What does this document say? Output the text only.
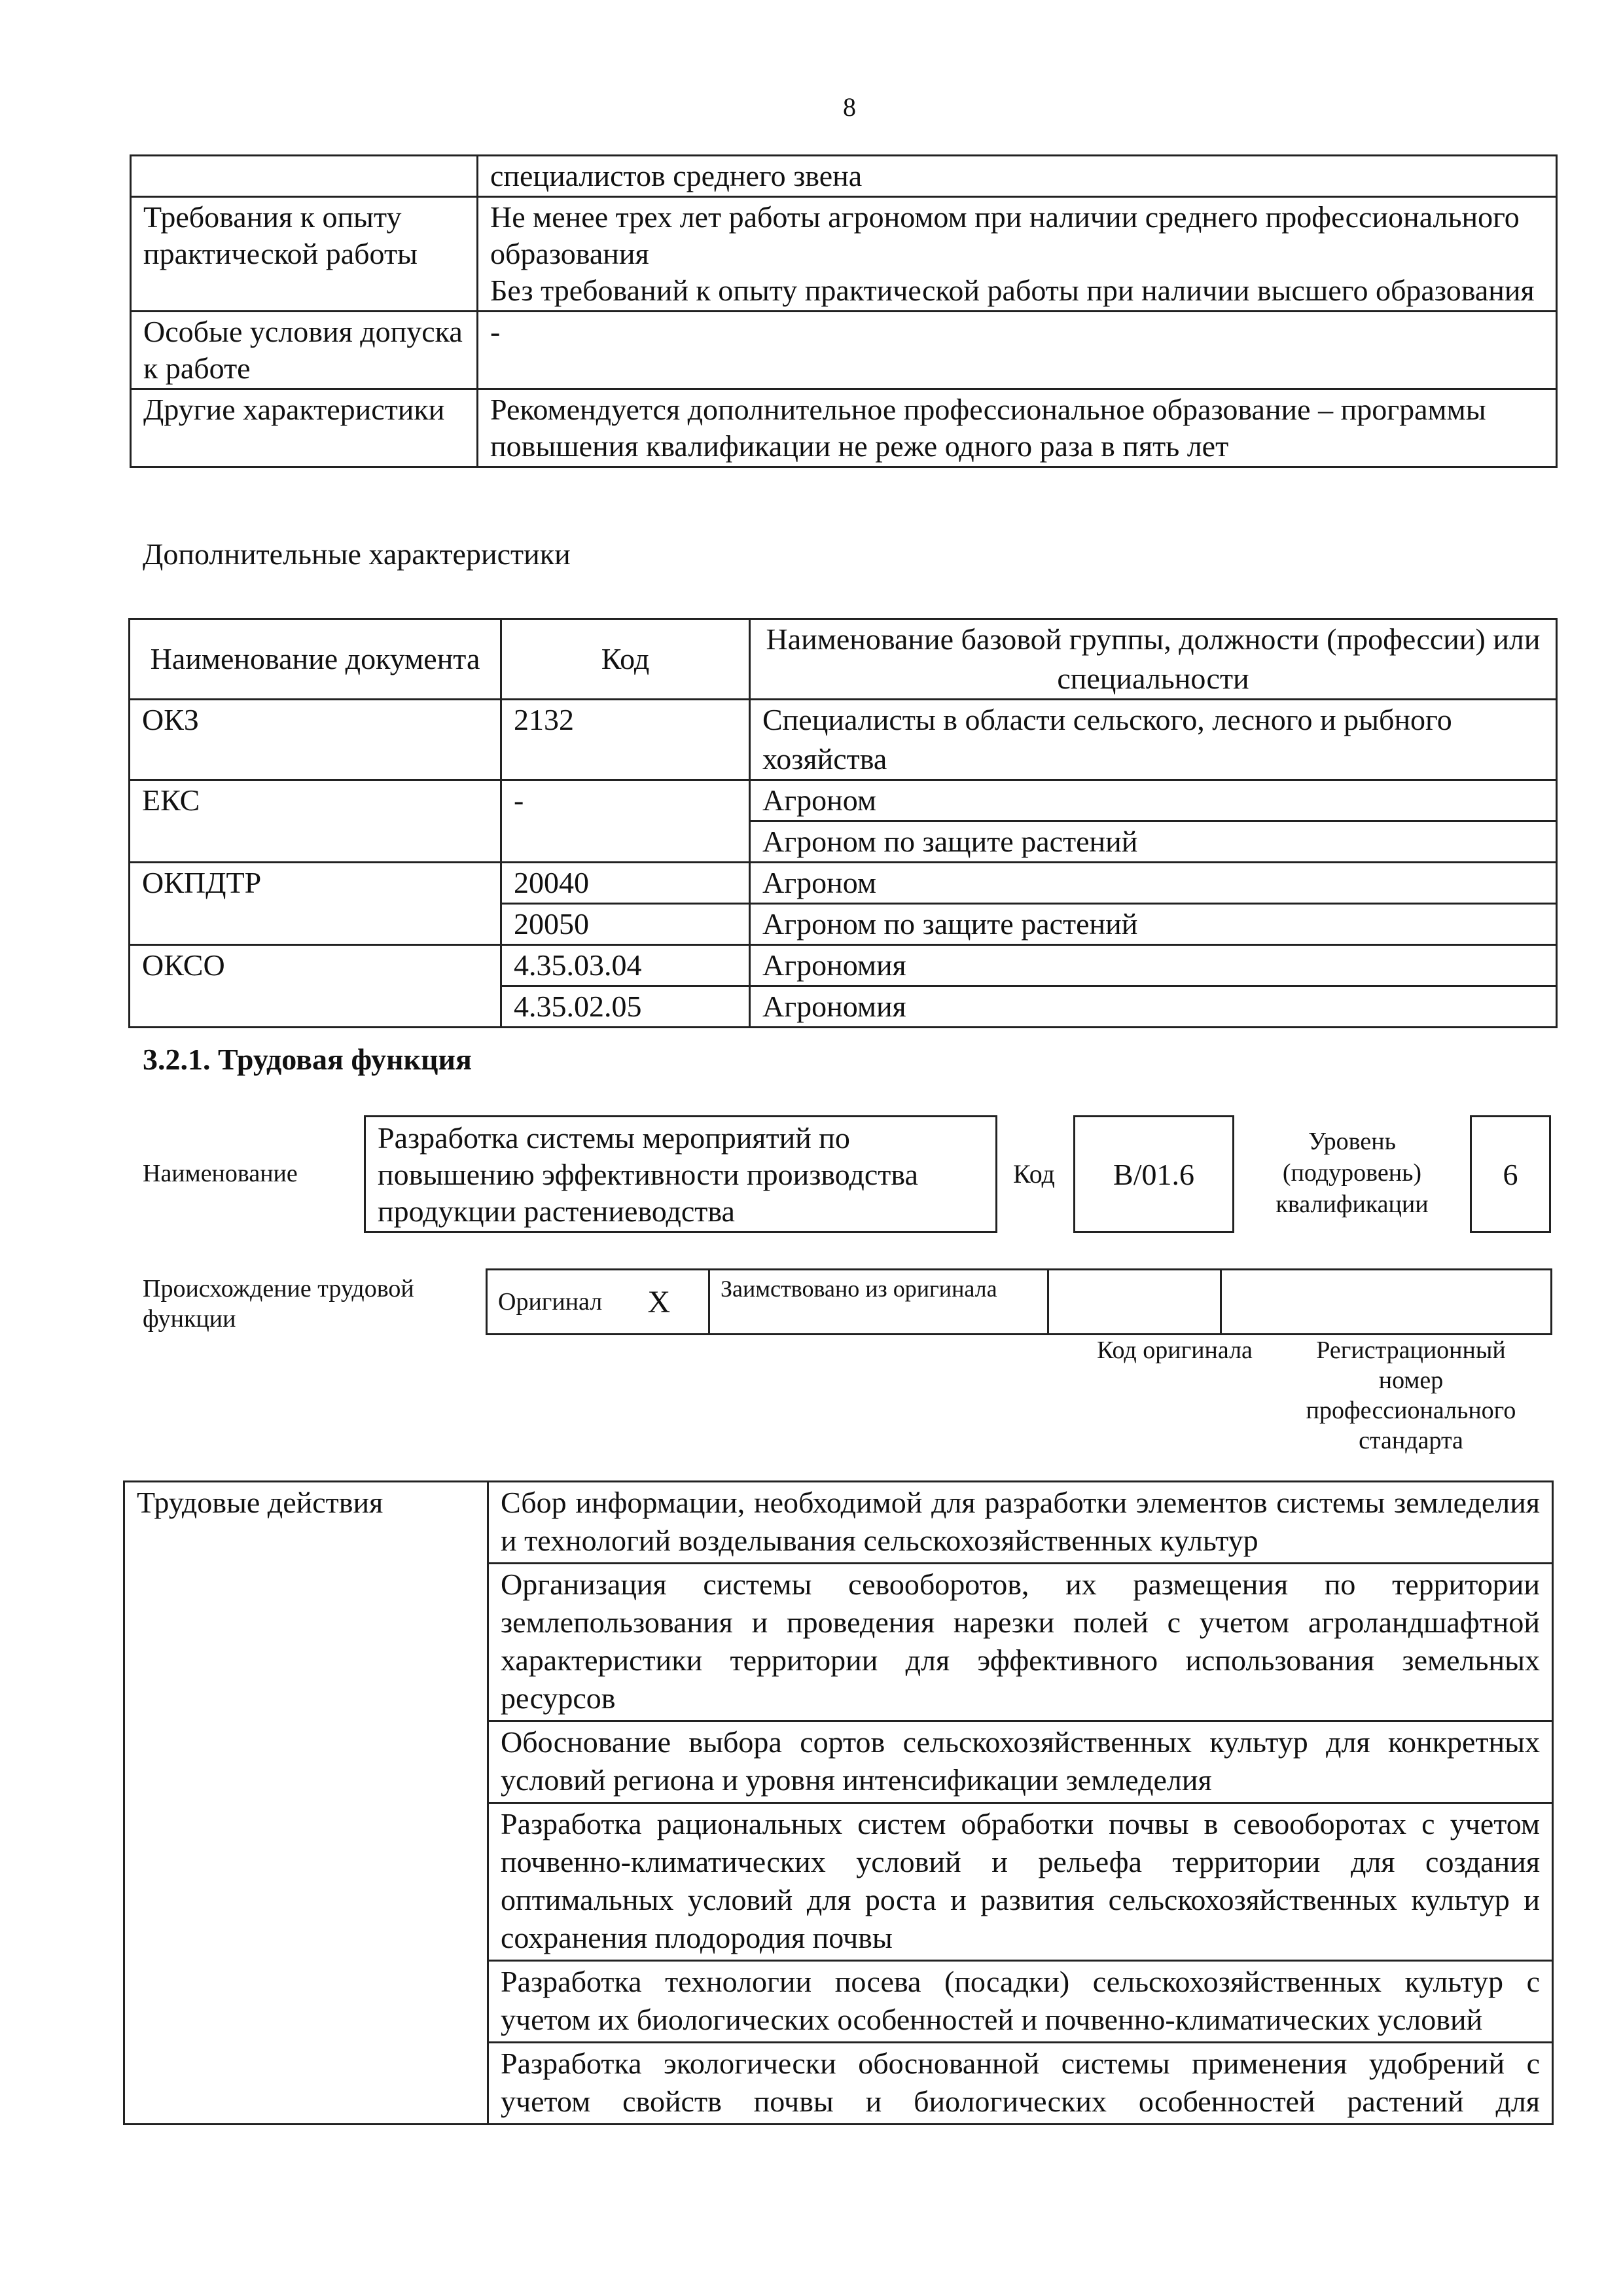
8

	специалистов среднего звена

Требования к опыту практической работы	Не менее трех лет работы агрономом при наличии среднего профессионального образования
Без требований к опыту практической работы при наличии высшего образования

Особые условия допуска к работе	-

Другие характеристики	Рекомендуется дополнительное профессиональное образование – программы повышения квалификации не реже одного раза в пять лет
Дополнительные характеристики
Наименование документа	Код	Наименование базовой группы, должности (профессии) или специальности
ОКЗ	2132	Специалисты в области сельского, лесного и рыбного хозяйства
ЕКС	-	Агроном
		Агроном по защите растений
ОКПДТР	20040	Агроном
	20050	Агроном по защите растений
ОКСО	4.35.03.04	Агрономия
	4.35.02.05	Агрономия
3.2.1. Трудовая функция
Наименование
Разработка системы мероприятий по повышению эффективности производства продукции растениеводства
Код	В/01.6
Уровень (подуровень) квалификации
6
Происхождение трудовой функции
Оригинал	X	Заимствовано из оригинала		
Код оригинала	Регистрационный номер профессионального стандарта
Трудовые действия	Сбор информации, необходимой для разработки элементов системы земледелия и технологий возделывания сельскохозяйственных культур
Организация системы севооборотов, их размещения по территории землепользования и проведения нарезки полей с учетом агроландшафтной характеристики территории для эффективного использования земельных ресурсов
Обоснование выбора сортов сельскохозяйственных культур для конкретных условий региона и уровня интенсификации земледелия
Разработка рациональных систем обработки почвы в севооборотах с учетом почвенно-климатических условий и рельефа территории для создания оптимальных условий для роста и развития сельскохозяйственных культур и сохранения плодородия почвы
Разработка технологии посева (посадки) сельскохозяйственных культур с учетом их биологических особенностей и почвенно-климатических условий
Разработка экологически обоснованной системы применения удобрений с учетом свойств почвы и биологических особенностей растений для
